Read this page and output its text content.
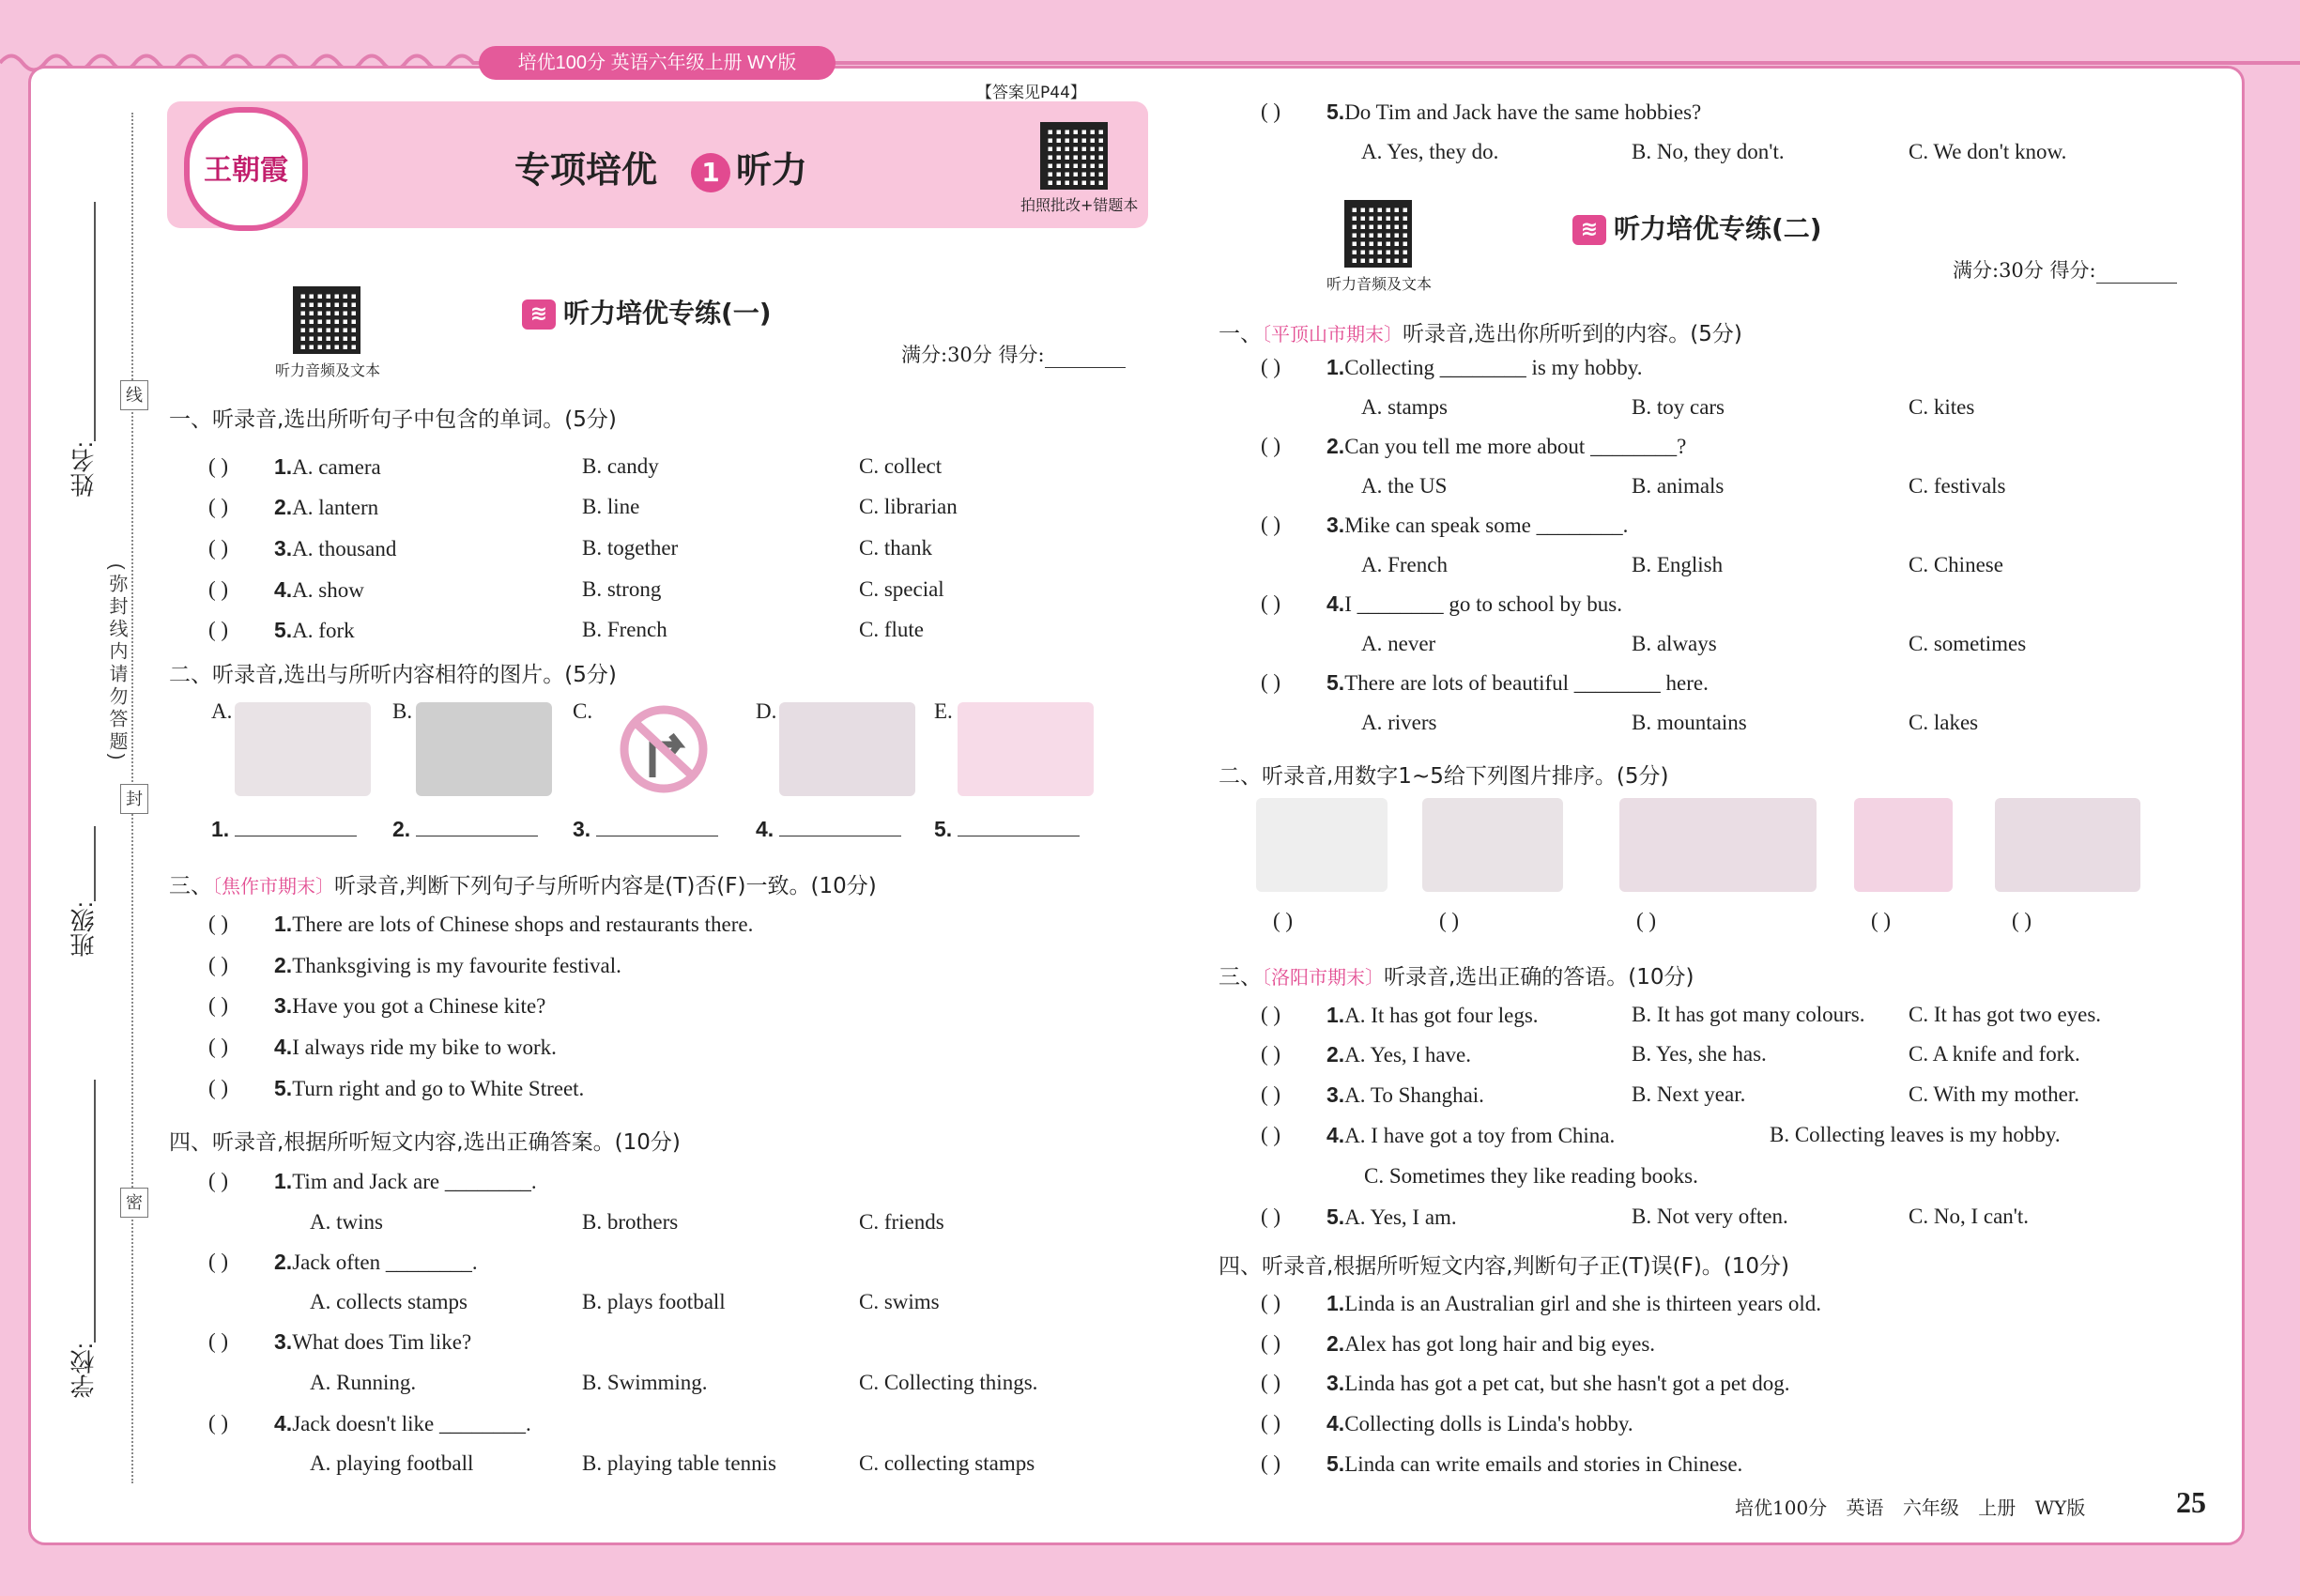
培优100分 英语六年级上册 WY版
姓名:
班级:
学校:
(弥封线内请勿答题)
线
封
密
王朝霞	专项培优 1 听力
【答案见P44】
拍照批改+错题本
听力音频及文本
≋ 听力培优专练(一)
满分:30分 得分:
一、听录音,选出所听句子中包含的单词。(5分)
( ) 1.A. camera	B. candy	C. collect
( ) 2.A. lantern	B. line	C. librarian
( ) 3.A. thousand	B. together	C. thank
( ) 4.A. show	B. strong	C. special
( ) 5.A. fork	B. French	C. flute
二、听录音,选出与所听内容相符的图片。(5分)
A.
1.
B.
2.
C.
3.
D.
4.
E.
5.
三、〔焦作市期末〕听录音,判断下列句子与所听内容是(T)否(F)一致。(10分)
( ) 1.There are lots of Chinese shops and restaurants there.
( ) 2.Thanksgiving is my favourite festival.
( ) 3.Have you got a Chinese kite?
( ) 4.I always ride my bike to work.
( ) 5.Turn right and go to White Street.
四、听录音,根据所听短文内容,选出正确答案。(10分)
( ) 1.Tim and Jack are ________.
A. twins	B. brothers	C. friends
( ) 2.Jack often ________.
A. collects stamps	B. plays football	C. swims
( ) 3.What does Tim like?
A. Running.	B. Swimming.	C. Collecting things.
( ) 4.Jack doesn't like ________.
A. playing football	B. playing table tennis	C. collecting stamps
( ) 5.Do Tim and Jack have the same hobbies?
A. Yes, they do.	B. No, they don't.	C. We don't know.
听力音频及文本
≋ 听力培优专练(二)
满分:30分 得分:
一、〔平顶山市期末〕听录音,选出你所听到的内容。(5分)
( ) 1.Collecting ________ is my hobby.
A. stamps	B. toy cars	C. kites
( ) 2.Can you tell me more about ________?
A. the US	B. animals	C. festivals
( ) 3.Mike can speak some ________.
A. French	B. English	C. Chinese
( ) 4.I ________ go to school by bus.
A. never	B. always	C. sometimes
( ) 5.There are lots of beautiful ________ here.
A. rivers	B. mountains	C. lakes
二、听录音,用数字1~5给下列图片排序。(5分)
( )	( )	( )	( )	( )
三、〔洛阳市期末〕听录音,选出正确的答语。(10分)
( ) 1.A. It has got four legs.	B. It has got many colours. C. It has got two eyes.
( ) 2.A. Yes, I have.	B. Yes, she has.	C. A knife and fork.
( ) 3.A. To Shanghai.	B. Next year.	C. With my mother.
( ) 4.A. I have got a toy from China.	B. Collecting leaves is my hobby.
C. Sometimes they like reading books.
( ) 5.A. Yes, I am.	B. Not very often.	C. No, I can't.
四、听录音,根据所听短文内容,判断句子正(T)误(F)。(10分)
( ) 1.Linda is an Australian girl and she is thirteen years old.
( ) 2.Alex has got long hair and big eyes.
( ) 3.Linda has got a pet cat, but she hasn't got a pet dog.
( ) 4.Collecting dolls is Linda's hobby.
( ) 5.Linda can write emails and stories in Chinese.
培优100分 英语 六年级 上册 WY版	25
